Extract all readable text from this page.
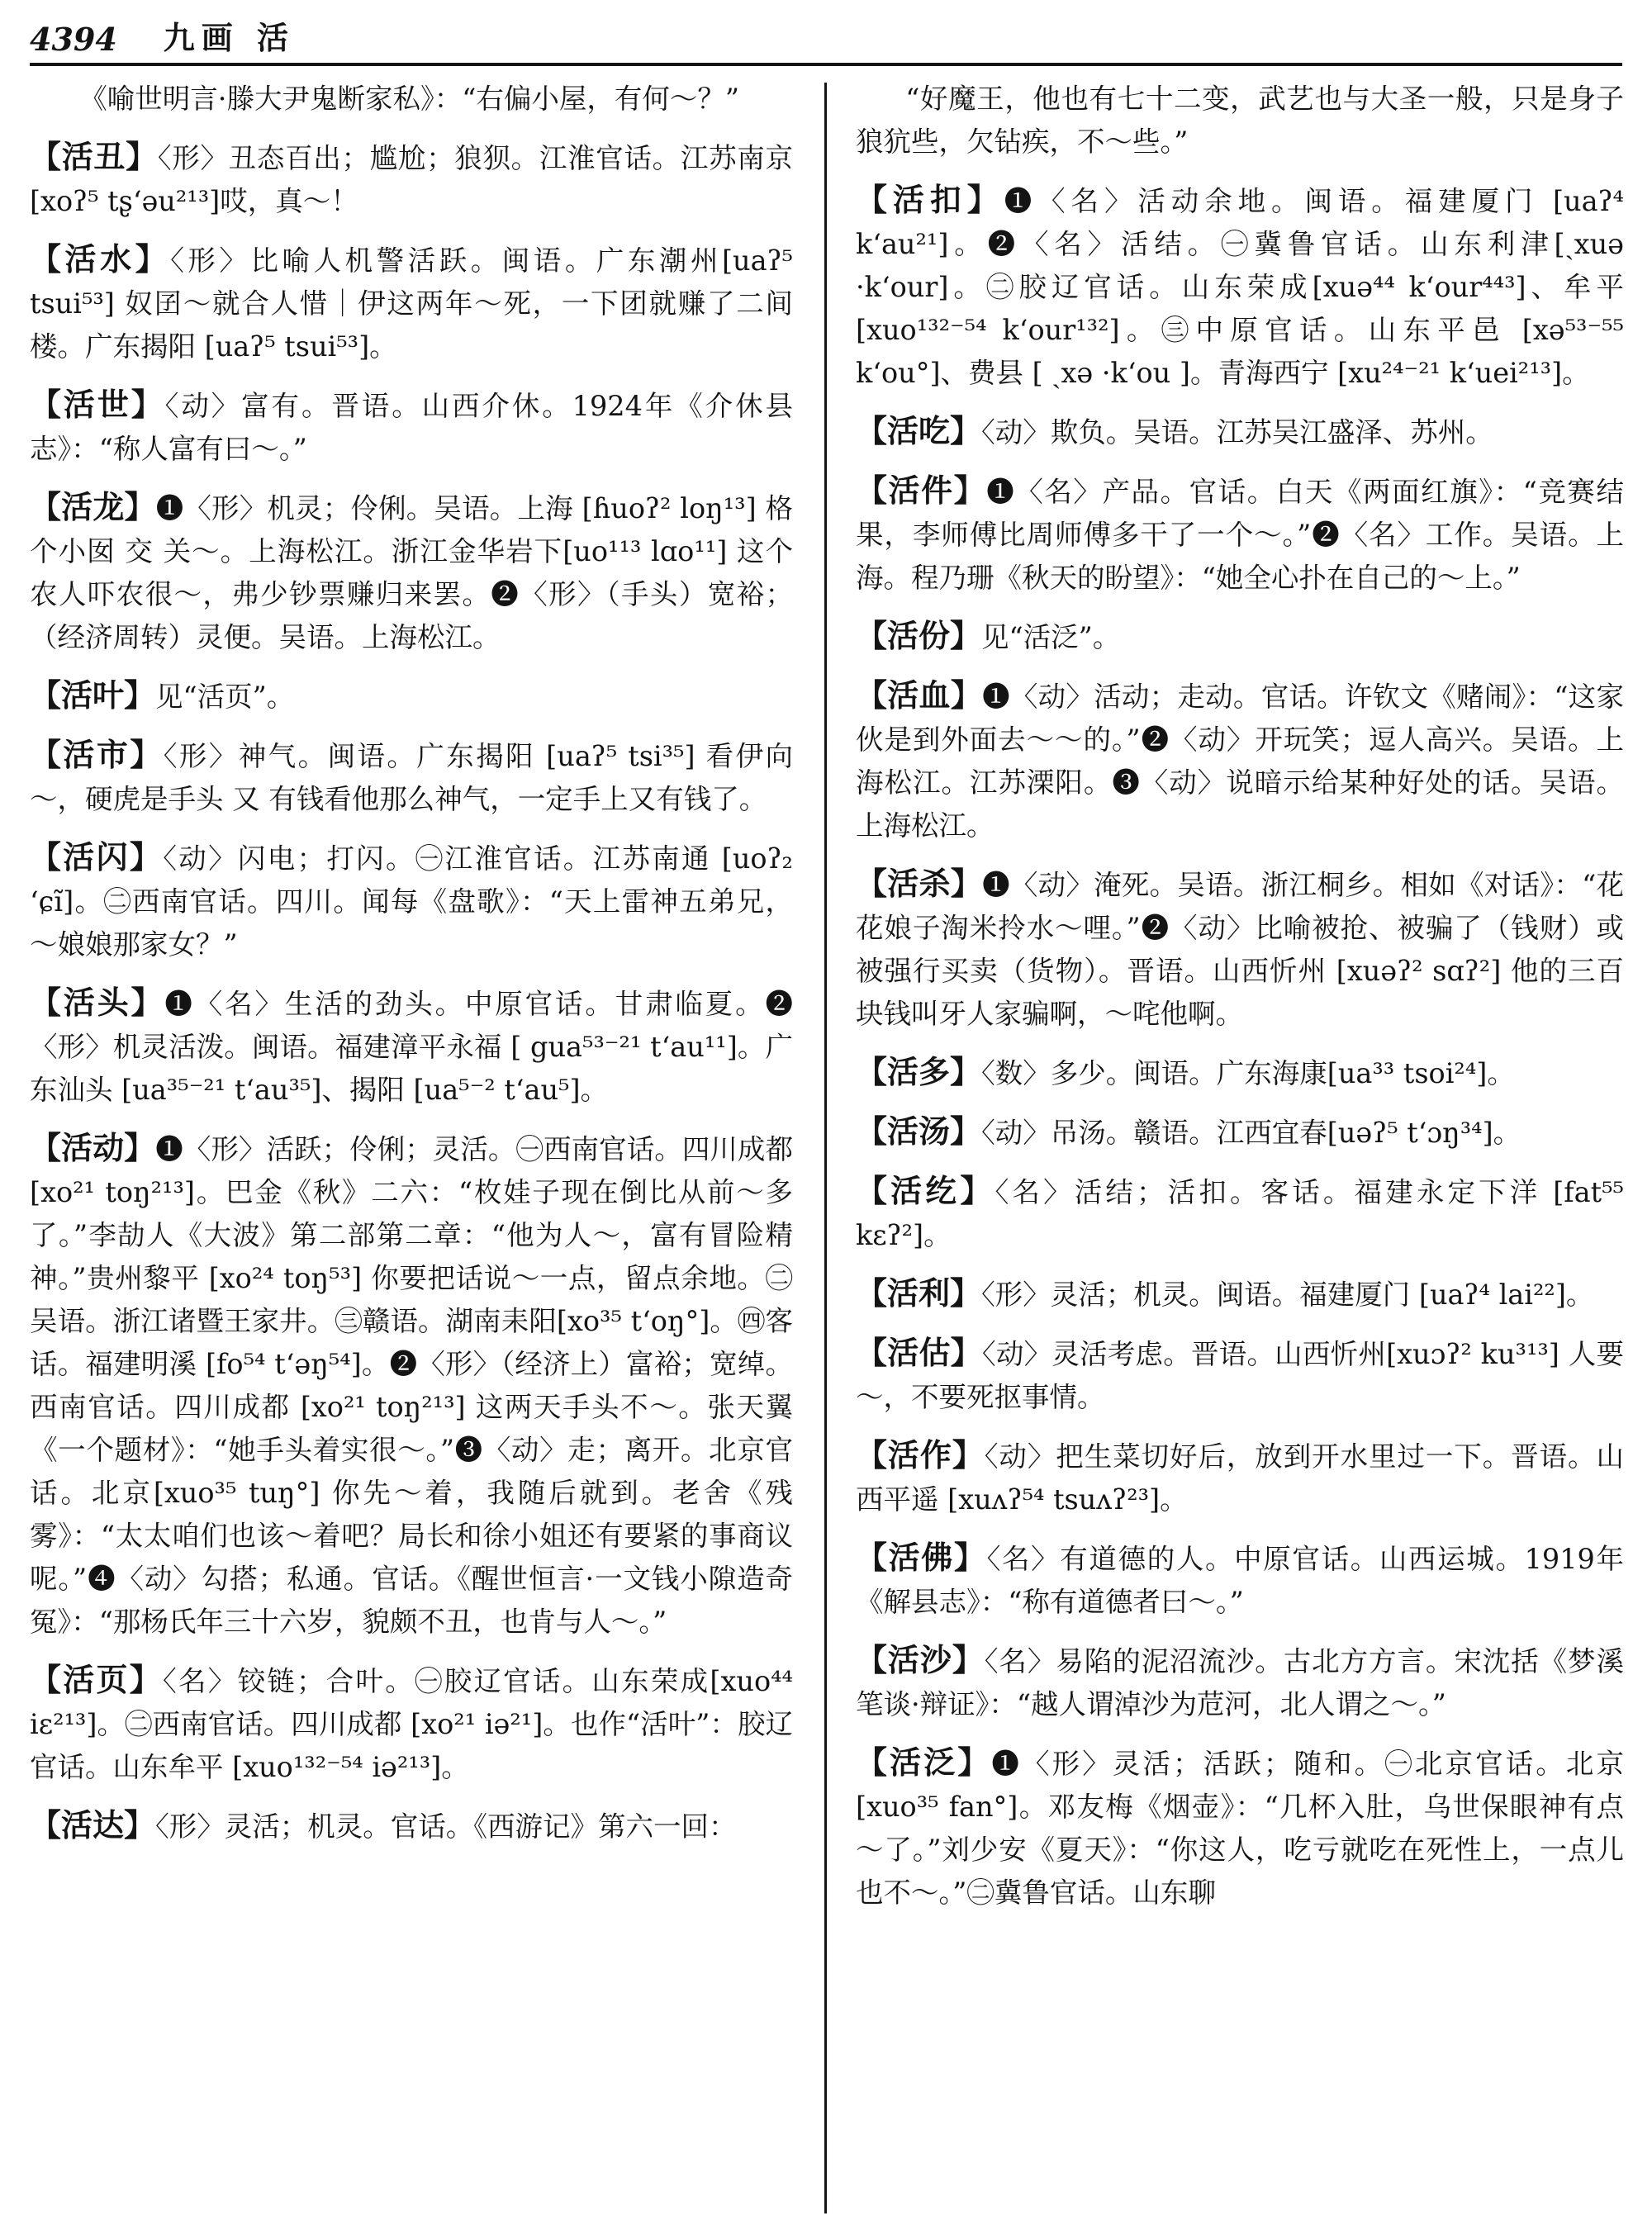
4394 九画 活

《喻世明言·滕大尹鬼断家私》：“右偏小屋，有何～？”

【活丑】〈形〉丑态百出；尴尬；狼狈。江淮官话。江苏南京 [xoʔ⁵ tʂ‘əu²¹³]哎，真～！

【活水】〈形〉比喻人机警活跃。闽语。广东潮州[uaʔ⁵ tsui⁵³] 奴囝～就合人惜｜伊这两年～死，一下团就赚了二间楼。广东揭阳 [uaʔ⁵ tsui⁵³]。

【活世】〈动〉富有。晋语。山西介休。1924年《介休县志》：“称人富有曰～。”

【活龙】❶〈形〉机灵；伶俐。吴语。上海 [ɦuoʔ² loŋ¹³] 格个小囡 交 关～。上海松江。浙江金华岩下[uo¹¹³ lɑo¹¹] 这个农人吓农很～，弗少钞票赚归来罢。❷〈形〉（手头）宽裕；（经济周转）灵便。吴语。上海松江。

【活叶】见“活页”。

【活市】〈形〉神气。闽语。广东揭阳 [uaʔ⁵ tsi³⁵] 看伊向～，硬虎是手头 又 有钱看他那么神气，一定手上又有钱了。

【活闪】〈动〉闪电；打闪。㊀江淮官话。江苏南通 [uoʔ₂ ‘ɕĩ]。㊁西南官话。四川。闻每《盘歌》：“天上雷神五弟兄，～娘娘那家女？”

【活头】❶〈名〉生活的劲头。中原官话。甘肃临夏。❷〈形〉机灵活泼。闽语。福建漳平永福 [ gua⁵³⁻²¹ t‘au¹¹]。广东汕头 [ua³⁵⁻²¹ t‘au³⁵]、揭阳 [ua⁵⁻² t‘au⁵]。

【活动】❶〈形〉活跃；伶俐；灵活。㊀西南官话。四川成都 [xo²¹ toŋ²¹³]。巴金《秋》二六：“枚娃子现在倒比从前～多了。”李劼人《大波》第二部第二章：“他为人～，富有冒险精神。”贵州黎平 [xo²⁴ toŋ⁵³] 你要把话说～一点，留点余地。㊁吴语。浙江诸暨王家井。㊂赣语。湖南耒阳[xo³⁵ t‘oŋ°]。㊃客话。福建明溪 [fo⁵⁴ t‘əŋ⁵⁴]。❷〈形〉（经济上）富裕；宽绰。西南官话。四川成都 [xo²¹ toŋ²¹³] 这两天手头不～。张天翼《一个题材》：“她手头着实很～。”❸〈动〉走；离开。北京官话。北京[xuo³⁵ tuŋ°] 你先～着，我随后就到。老舍《残雾》：“太太咱们也该～着吧？局长和徐小姐还有要紧的事商议呢。”❹〈动〉勾搭；私通。官话。《醒世恒言·一文钱小隙造奇冤》：“那杨氏年三十六岁，貌颇不丑，也肯与人～。”

【活页】〈名〉铰链；合叶。㊀胶辽官话。山东荣成[xuo⁴⁴ iɛ²¹³]。㊁西南官话。四川成都 [xo²¹ iə²¹]。也作“活叶”：胶辽官话。山东牟平 [xuo¹³²⁻⁵⁴ iə²¹³]。

【活达】〈形〉灵活；机灵。官话。《西游记》第六一回：

“好魔王，他也有七十二变，武艺也与大圣一般，只是身子狼犺些，欠钻疾，不～些。”

【活扣】❶〈名〉活动余地。闽语。福建厦门 [uaʔ⁴ k‘au²¹]。❷〈名〉活结。㊀冀鲁官话。山东利津[ˏxuə ·k‘our]。㊁胶辽官话。山东荣成[xuə⁴⁴ k‘our⁴⁴³]、牟平 [xuo¹³²⁻⁵⁴ k‘our¹³²]。㊂中原官话。山东平邑 [xə⁵³⁻⁵⁵ k‘ou°]、费县 [ ˏxə ·k‘ou ]。青海西宁 [xu²⁴⁻²¹ k‘uei²¹³]。

【活吃】〈动〉欺负。吴语。江苏吴江盛泽、苏州。

【活件】❶〈名〉产品。官话。白天《两面红旗》：“竞赛结果，李师傅比周师傅多干了一个～。”❷〈名〉工作。吴语。上海。程乃珊《秋天的盼望》：“她全心扑在自己的～上。”

【活份】见“活泛”。

【活血】❶〈动〉活动；走动。官话。许钦文《赌闹》：“这家伙是到外面去～～的。”❷〈动〉开玩笑；逗人高兴。吴语。上海松江。江苏溧阳。❸〈动〉说暗示给某种好处的话。吴语。上海松江。

【活杀】❶〈动〉淹死。吴语。浙江桐乡。相如《对话》：“花花娘子淘米拎水～哩。”❷〈动〉比喻被抢、被骗了（钱财）或被强行买卖（货物）。晋语。山西忻州 [xuəʔ² sɑʔ²] 他的三百块钱叫牙人家骗啊，～咤他啊。

【活多】〈数〉多少。闽语。广东海康[ua³³ tsoi²⁴]。

【活汤】〈动〉吊汤。赣语。江西宜春[uəʔ⁵ t‘ɔŋ³⁴]。

【活纥】〈名〉活结；活扣。客话。福建永定下洋 [fat⁵⁵ kɛʔ²]。

【活利】〈形〉灵活；机灵。闽语。福建厦门 [uaʔ⁴ lai²²]。

【活估】〈动〉灵活考虑。晋语。山西忻州[xuɔʔ² ku³¹³] 人要～，不要死抠事情。

【活作】〈动〉把生菜切好后，放到开水里过一下。晋语。山西平遥 [xuʌʔ⁵⁴ tsuʌʔ²³]。

【活佛】〈名〉有道德的人。中原官话。山西运城。1919年《解县志》：“称有道德者曰～。”

【活沙】〈名〉易陷的泥沼流沙。古北方方言。宋沈括《梦溪笔谈·辩证》：“越人谓淖沙为苊河，北人谓之～。”

【活泛】❶〈形〉灵活；活跃；随和。㊀北京官话。北京 [xuo³⁵ fan°]。邓友梅《烟壶》：“几杯入肚，乌世保眼神有点～了。”刘少安《夏天》：“你这人，吃亏就吃在死性上，一点儿也不～。”㊁冀鲁官话。山东聊
